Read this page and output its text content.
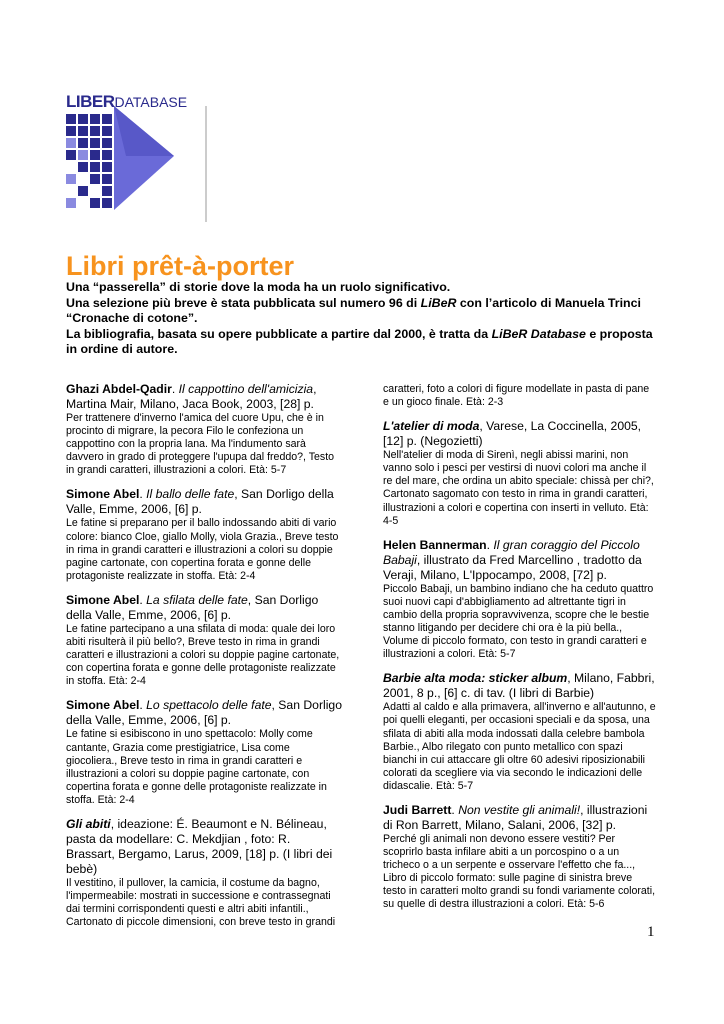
LIBERDATABASE
Libri prêt-à-porter

Una “passerella” di storie dove la moda ha un ruolo significativo.

Una selezione più breve è stata pubblicata sul numero 96 di LiBeR con l’articolo di Manuela Trinci “Cronache di cotone”.

La bibliografia, basata su opere pubblicate a partire dal 2000, è tratta da LiBeR Database e proposta in ordine di autore.

Ghazi Abdel-Qadir. Il cappottino dell'amicizia, Martina Mair, Milano, Jaca Book, 2003, [28] p.
Per trattenere d'inverno l'amica del cuore Upu, che è in procinto di migrare, la pecora Filo le confeziona un cappottino con la propria lana. Ma l'indumento sarà davvero in grado di proteggere l'upupa dal freddo?, Testo in grandi caratteri, illustrazioni a colori. Età: 5-7
Simone Abel. Il ballo delle fate, San Dorligo della Valle, Emme, 2006, [6] p.
Le fatine si preparano per il ballo indossando abiti di vario colore: bianco Cloe, giallo Molly, viola Grazia., Breve testo in rima in grandi caratteri e illustrazioni a colori su doppie pagine cartonate, con copertina forata e gonne delle protagoniste realizzate in stoffa. Età: 2-4
Simone Abel. La sfilata delle fate, San Dorligo della Valle, Emme, 2006, [6] p.
Le fatine partecipano a una sfilata di moda: quale dei loro abiti risulterà il più bello?, Breve testo in rima in grandi caratteri e illustrazioni a colori su doppie pagine cartonate, con copertina forata e gonne delle protagoniste realizzate in stoffa. Età: 2-4
Simone Abel. Lo spettacolo delle fate, San Dorligo della Valle, Emme, 2006, [6] p.
Le fatine si esibiscono in uno spettacolo: Molly come cantante, Grazia come prestigiatrice, Lisa come giocoliera., Breve testo in rima in grandi caratteri e illustrazioni a colori su doppie pagine cartonate, con copertina forata e gonne delle protagoniste realizzate in stoffa. Età: 2-4
Gli abiti, ideazione: É. Beaumont e N. Bélineau, pasta da modellare: C. Mekdjian , foto: R. Brassart, Bergamo, Larus, 2009, [18] p. (I libri dei bebè)
Il vestitino, il pullover, la camicia, il costume da bagno, l'impermeabile: mostrati in successione e contrassegnati dai termini corrispondenti questi e altri abiti infantili., Cartonato di piccole dimensioni, con breve testo in grandi
caratteri, foto a colori di figure modellate in pasta di pane e un gioco finale. Età: 2-3
L'atelier di moda, Varese, La Coccinella, 2005, [12] p. (Negozietti)
Nell'atelier di moda di Sirenì, negli abissi marini, non vanno solo i pesci per vestirsi di nuovi colori ma anche il re del mare, che ordina un abito speciale: chissà per chi?, Cartonato sagomato con testo in rima in grandi caratteri, illustrazioni a colori e copertina con inserti in velluto. Età: 4-5
Helen Bannerman. Il gran coraggio del Piccolo Babaji, illustrato da Fred Marcellino , tradotto da Veraji, Milano, L'Ippocampo, 2008, [72] p.
Piccolo Babaji, un bambino indiano che ha ceduto quattro suoi nuovi capi d'abbigliamento ad altrettante tigri in cambio della propria sopravvivenza, scopre che le bestie stanno litigando per decidere chi ora è la più bella., Volume di piccolo formato, con testo in grandi caratteri e illustrazioni a colori. Età: 5-7
Barbie alta moda: sticker album, Milano, Fabbri, 2001, 8 p., [6] c. di tav. (I libri di Barbie)
Adatti al caldo e alla primavera, all'inverno e all'autunno, e poi quelli eleganti, per occasioni speciali e da sposa, una sfilata di abiti alla moda indossati dalla celebre bambola Barbie., Albo rilegato con punto metallico con spazi bianchi in cui attaccare gli oltre 60 adesivi riposizionabili colorati da scegliere via via secondo le indicazioni delle didascalie. Età: 5-7
Judi Barrett. Non vestite gli animali!, illustrazioni di Ron Barrett, Milano, Salani, 2006, [32] p.
Perché gli animali non devono essere vestiti? Per scoprirlo basta infilare abiti a un porcospino o a un tricheco o a un serpente e osservare l'effetto che fa..., Libro di piccolo formato: sulle pagine di sinistra breve testo in caratteri molto grandi su fondi variamente colorati, su quelle di destra illustrazioni a colori. Età: 5-6
1
